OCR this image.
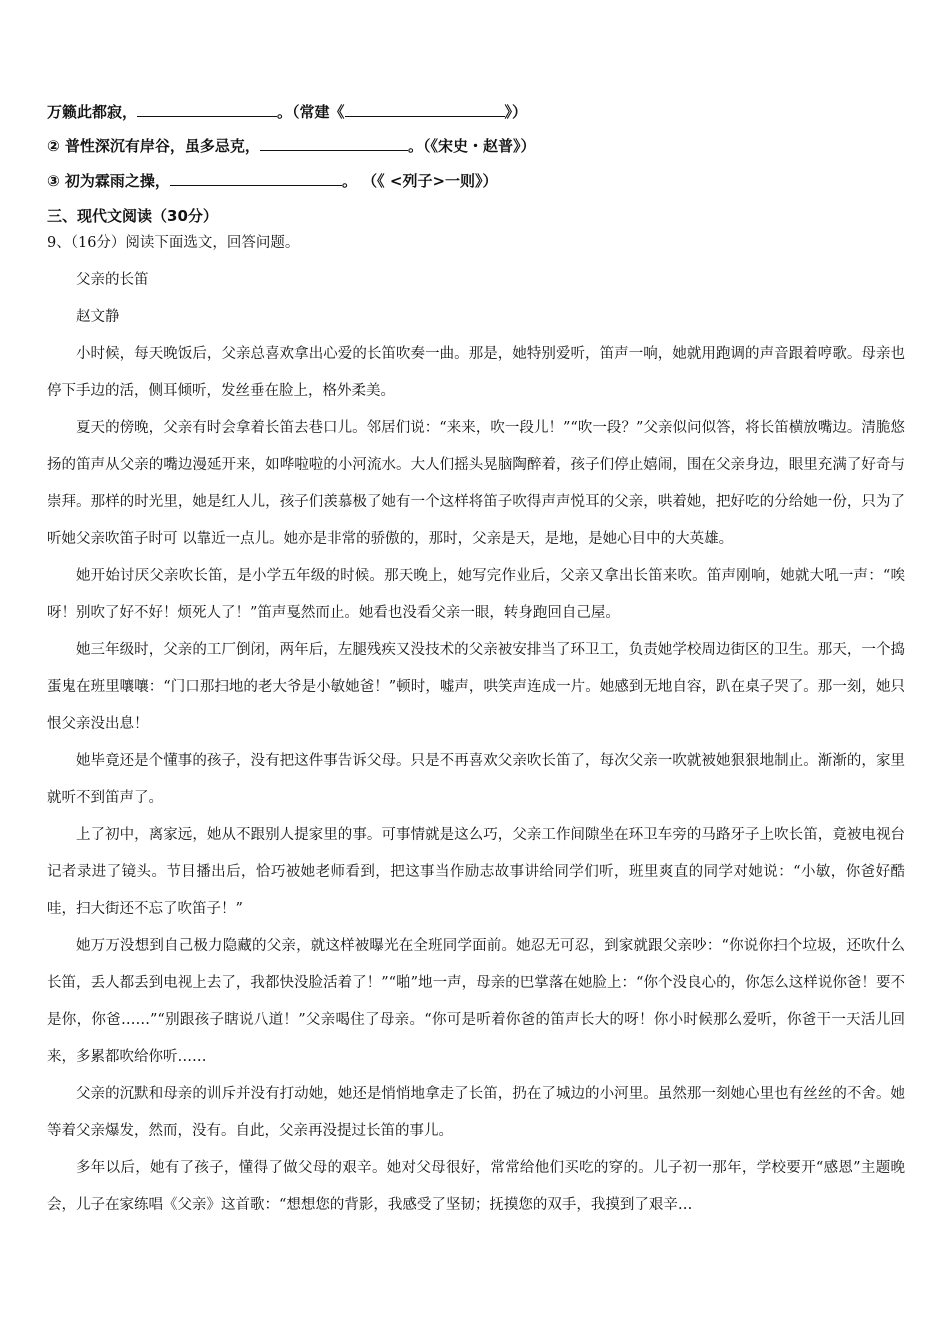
万籁此都寂，	。（常建《	》）
② 普性深沉有岸谷，虽多忌克，	。（《宋史・赵普》）
③ 初为霖雨之操，	。 （《 <列子>一则》）
三、现代文阅读（30分）
9、（16分）阅读下面选文，回答问题。

父亲的长笛

赵文静

小时候，每天晚饭后，父亲总喜欢拿出心爱的长笛吹奏一曲。那是，她特别爱听，笛声一响，她就用跑调的声音跟着哼歌。母亲也停下手边的活，侧耳倾听，发丝垂在脸上，格外柔美。

夏天的傍晚，父亲有时会拿着长笛去巷口儿。邻居们说：“来来，吹一段儿！”“吹一段？”父亲似问似答，将长笛横放嘴边。清脆悠扬的笛声从父亲的嘴边漫延开来，如哗啦啦的小河流水。大人们摇头晃脑陶醉着，孩子们停止嬉闹，围在父亲身边，眼里充满了好奇与崇拜。那样的时光里，她是红人儿，孩子们羡慕极了她有一个这样将笛子吹得声声悦耳的父亲，哄着她，把好吃的分给她一份，只为了听她父亲吹笛子时可 以靠近一点儿。她亦是非常的骄傲的，那时，父亲是天，是地，是她心目中的大英雄。

她开始讨厌父亲吹长笛，是小学五年级的时候。那天晚上，她写完作业后，父亲又拿出长笛来吹。笛声刚响，她就大吼一声：“唉呀！别吹了好不好！烦死人了！”笛声戛然而止。她看也没看父亲一眼，转身跑回自己屋。

她三年级时，父亲的工厂倒闭，两年后，左腿残疾又没技术的父亲被安排当了环卫工，负责她学校周边街区的卫生。那天，一个捣蛋鬼在班里嚷嚷：“门口那扫地的老大爷是小敏她爸！”顿时，嘘声，哄笑声连成一片。她感到无地自容，趴在桌子哭了。那一刻，她只恨父亲没出息！

她毕竟还是个懂事的孩子，没有把这件事告诉父母。只是不再喜欢父亲吹长笛了，每次父亲一吹就被她狠狠地制止。渐渐的，家里就听不到笛声了。

上了初中，离家远，她从不跟别人提家里的事。可事情就是这么巧，父亲工作间隙坐在环卫车旁的马路牙子上吹长笛，竟被电视台记者录进了镜头。节目播出后，恰巧被她老师看到，把这事当作励志故事讲给同学们听，班里爽直的同学对她说：“小敏，你爸好酷哇，扫大街还不忘了吹笛子！”

她万万没想到自己极力隐藏的父亲，就这样被曝光在全班同学面前。她忍无可忍，到家就跟父亲吵：“你说你扫个垃圾，还吹什么长笛，丢人都丢到电视上去了，我都快没脸活着了！”“啪”地一声，母亲的巴掌落在她脸上：“你个没良心的，你怎么这样说你爸！要不是你，你爸……”“别跟孩子瞎说八道！”父亲喝住了母亲。“你可是听着你爸的笛声长大的呀！你小时候那么爱听，你爸干一天活儿回来，多累都吹给你听……

父亲的沉默和母亲的训斥并没有打动她，她还是悄悄地拿走了长笛，扔在了城边的小河里。虽然那一刻她心里也有丝丝的不舍。她等着父亲爆发，然而，没有。自此，父亲再没提过长笛的事儿。

多年以后，她有了孩子，懂得了做父母的艰辛。她对父母很好，常常给他们买吃的穿的。儿子初一那年，学校要开“感恩”主题晚会，儿子在家练唱《父亲》这首歌：“想想您的背影，我感受了坚韧；抚摸您的双手，我摸到了艰辛…
